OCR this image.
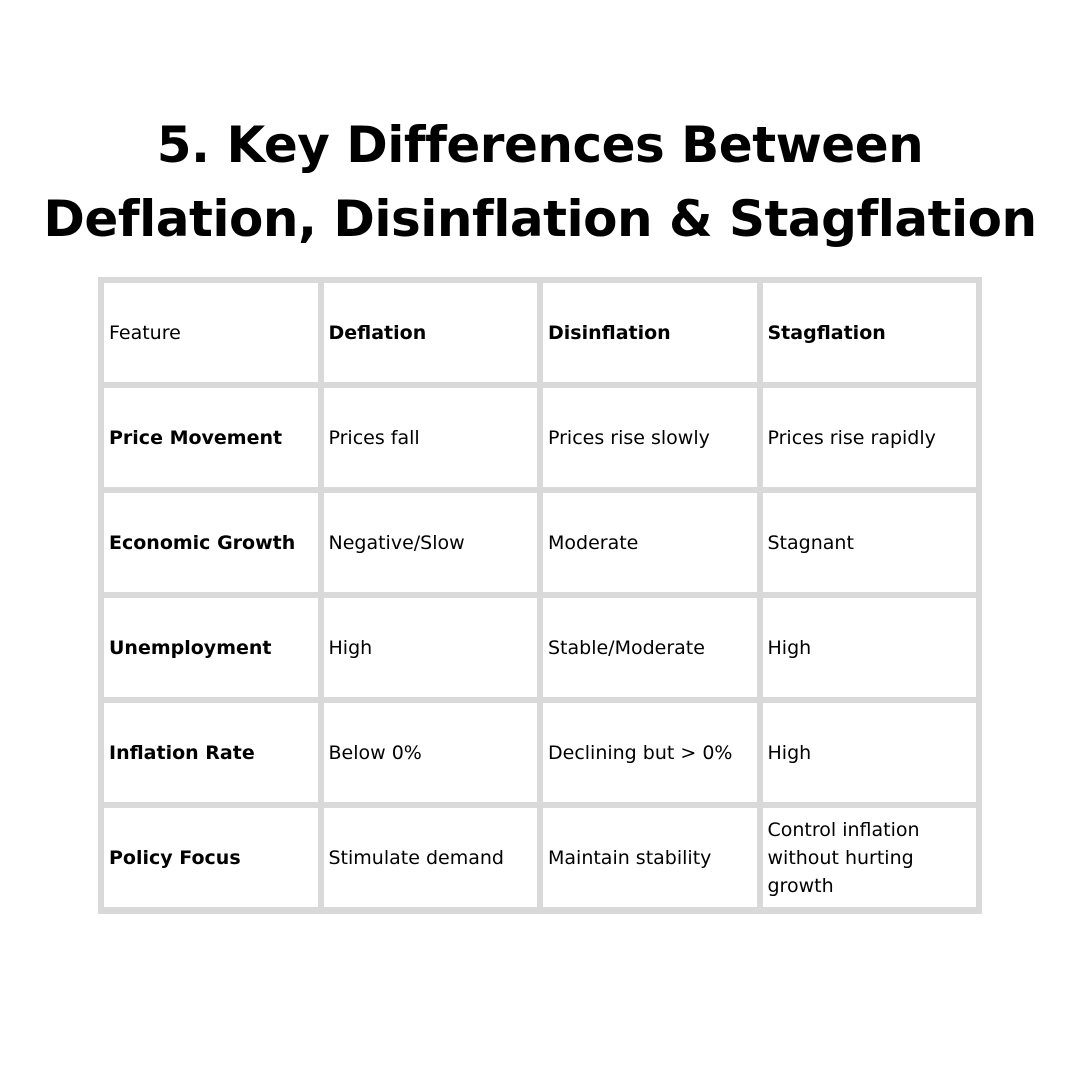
5. Key Differences Between
Deflation, Disinflation & Stagflation
Feature	Deflation	Disinflation	Stagflation
Price Movement	Prices fall	Prices rise slowly	Prices rise rapidly
Economic Growth	Negative/Slow	Moderate	Stagnant
Unemployment	High	Stable/Moderate	High
Inflation Rate	Below 0%	Declining but > 0%	High
Policy Focus	Stimulate demand	Maintain stability	Control inflation without hurting growth
